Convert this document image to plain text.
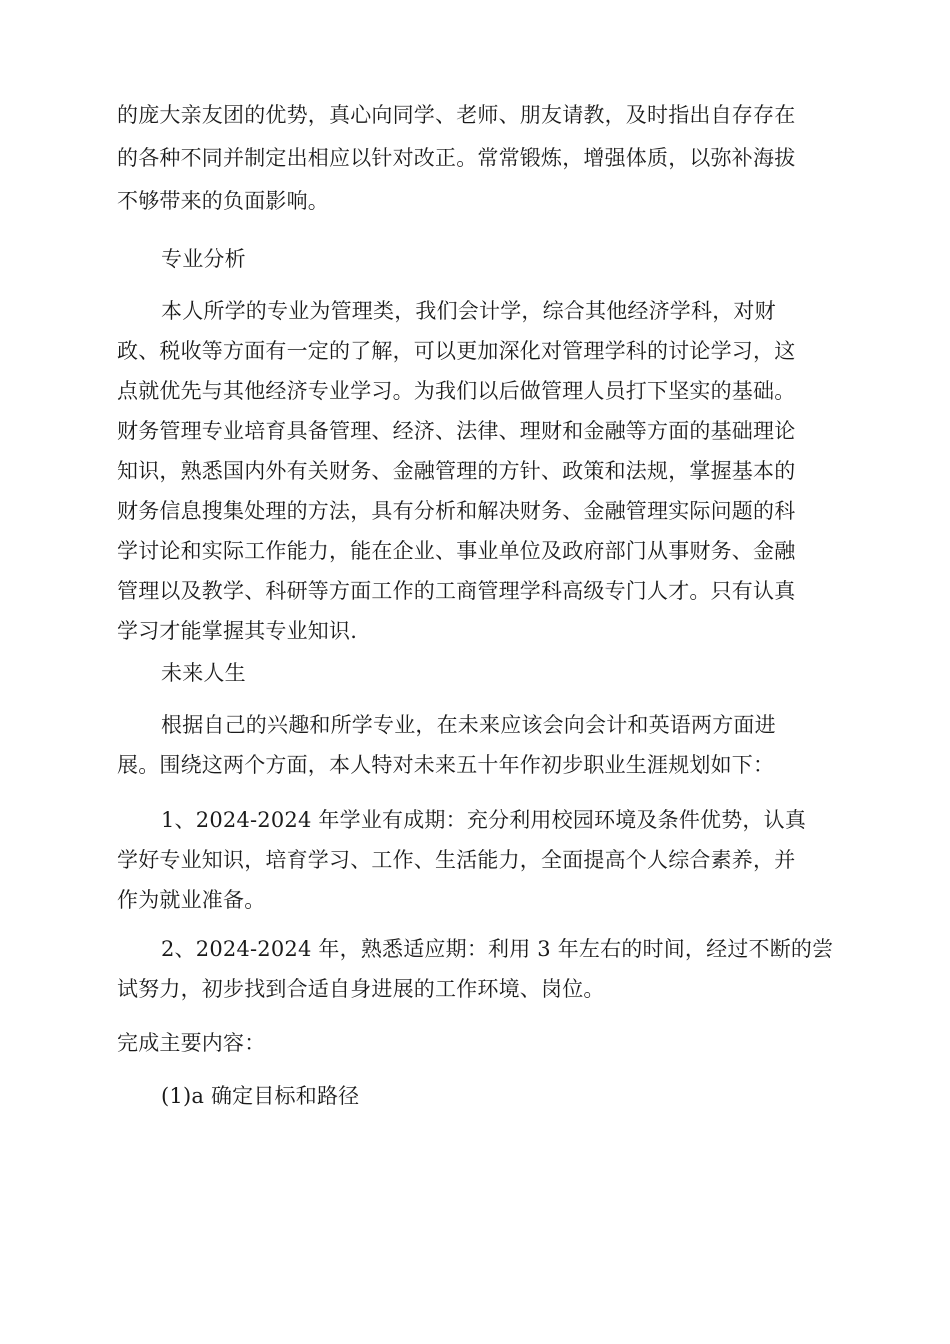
的庞大亲友团的优势，真心向同学、老师、朋友请教，及时指出自存存在
的各种不同并制定出相应以针对改正。常常锻炼，增强体质，以弥补海拔
不够带来的负面影响。
专业分析
本人所学的专业为管理类，我们会计学，综合其他经济学科，对财
政、税收等方面有一定的了解，可以更加深化对管理学科的讨论学习，这
点就优先与其他经济专业学习。为我们以后做管理人员打下坚实的基础。
财务管理专业培育具备管理、经济、法律、理财和金融等方面的基础理论
知识，熟悉国内外有关财务、金融管理的方针、政策和法规，掌握基本的
财务信息搜集处理的方法，具有分析和解决财务、金融管理实际问题的科
学讨论和实际工作能力，能在企业、事业单位及政府部门从事财务、金融
管理以及教学、科研等方面工作的工商管理学科高级专门人才。只有认真
学习才能掌握其专业知识.
未来人生
根据自己的兴趣和所学专业，在未来应该会向会计和英语两方面进
展。围绕这两个方面，本人特对未来五十年作初步职业生涯规划如下：
1、2024-2024 年学业有成期：充分利用校园环境及条件优势，认真
学好专业知识，培育学习、工作、生活能力，全面提高个人综合素养，并
作为就业准备。
2、2024-2024 年，熟悉适应期：利用 3 年左右的时间，经过不断的尝
试努力，初步找到合适自身进展的工作环境、岗位。
完成主要内容：
(1)a 确定目标和路径
